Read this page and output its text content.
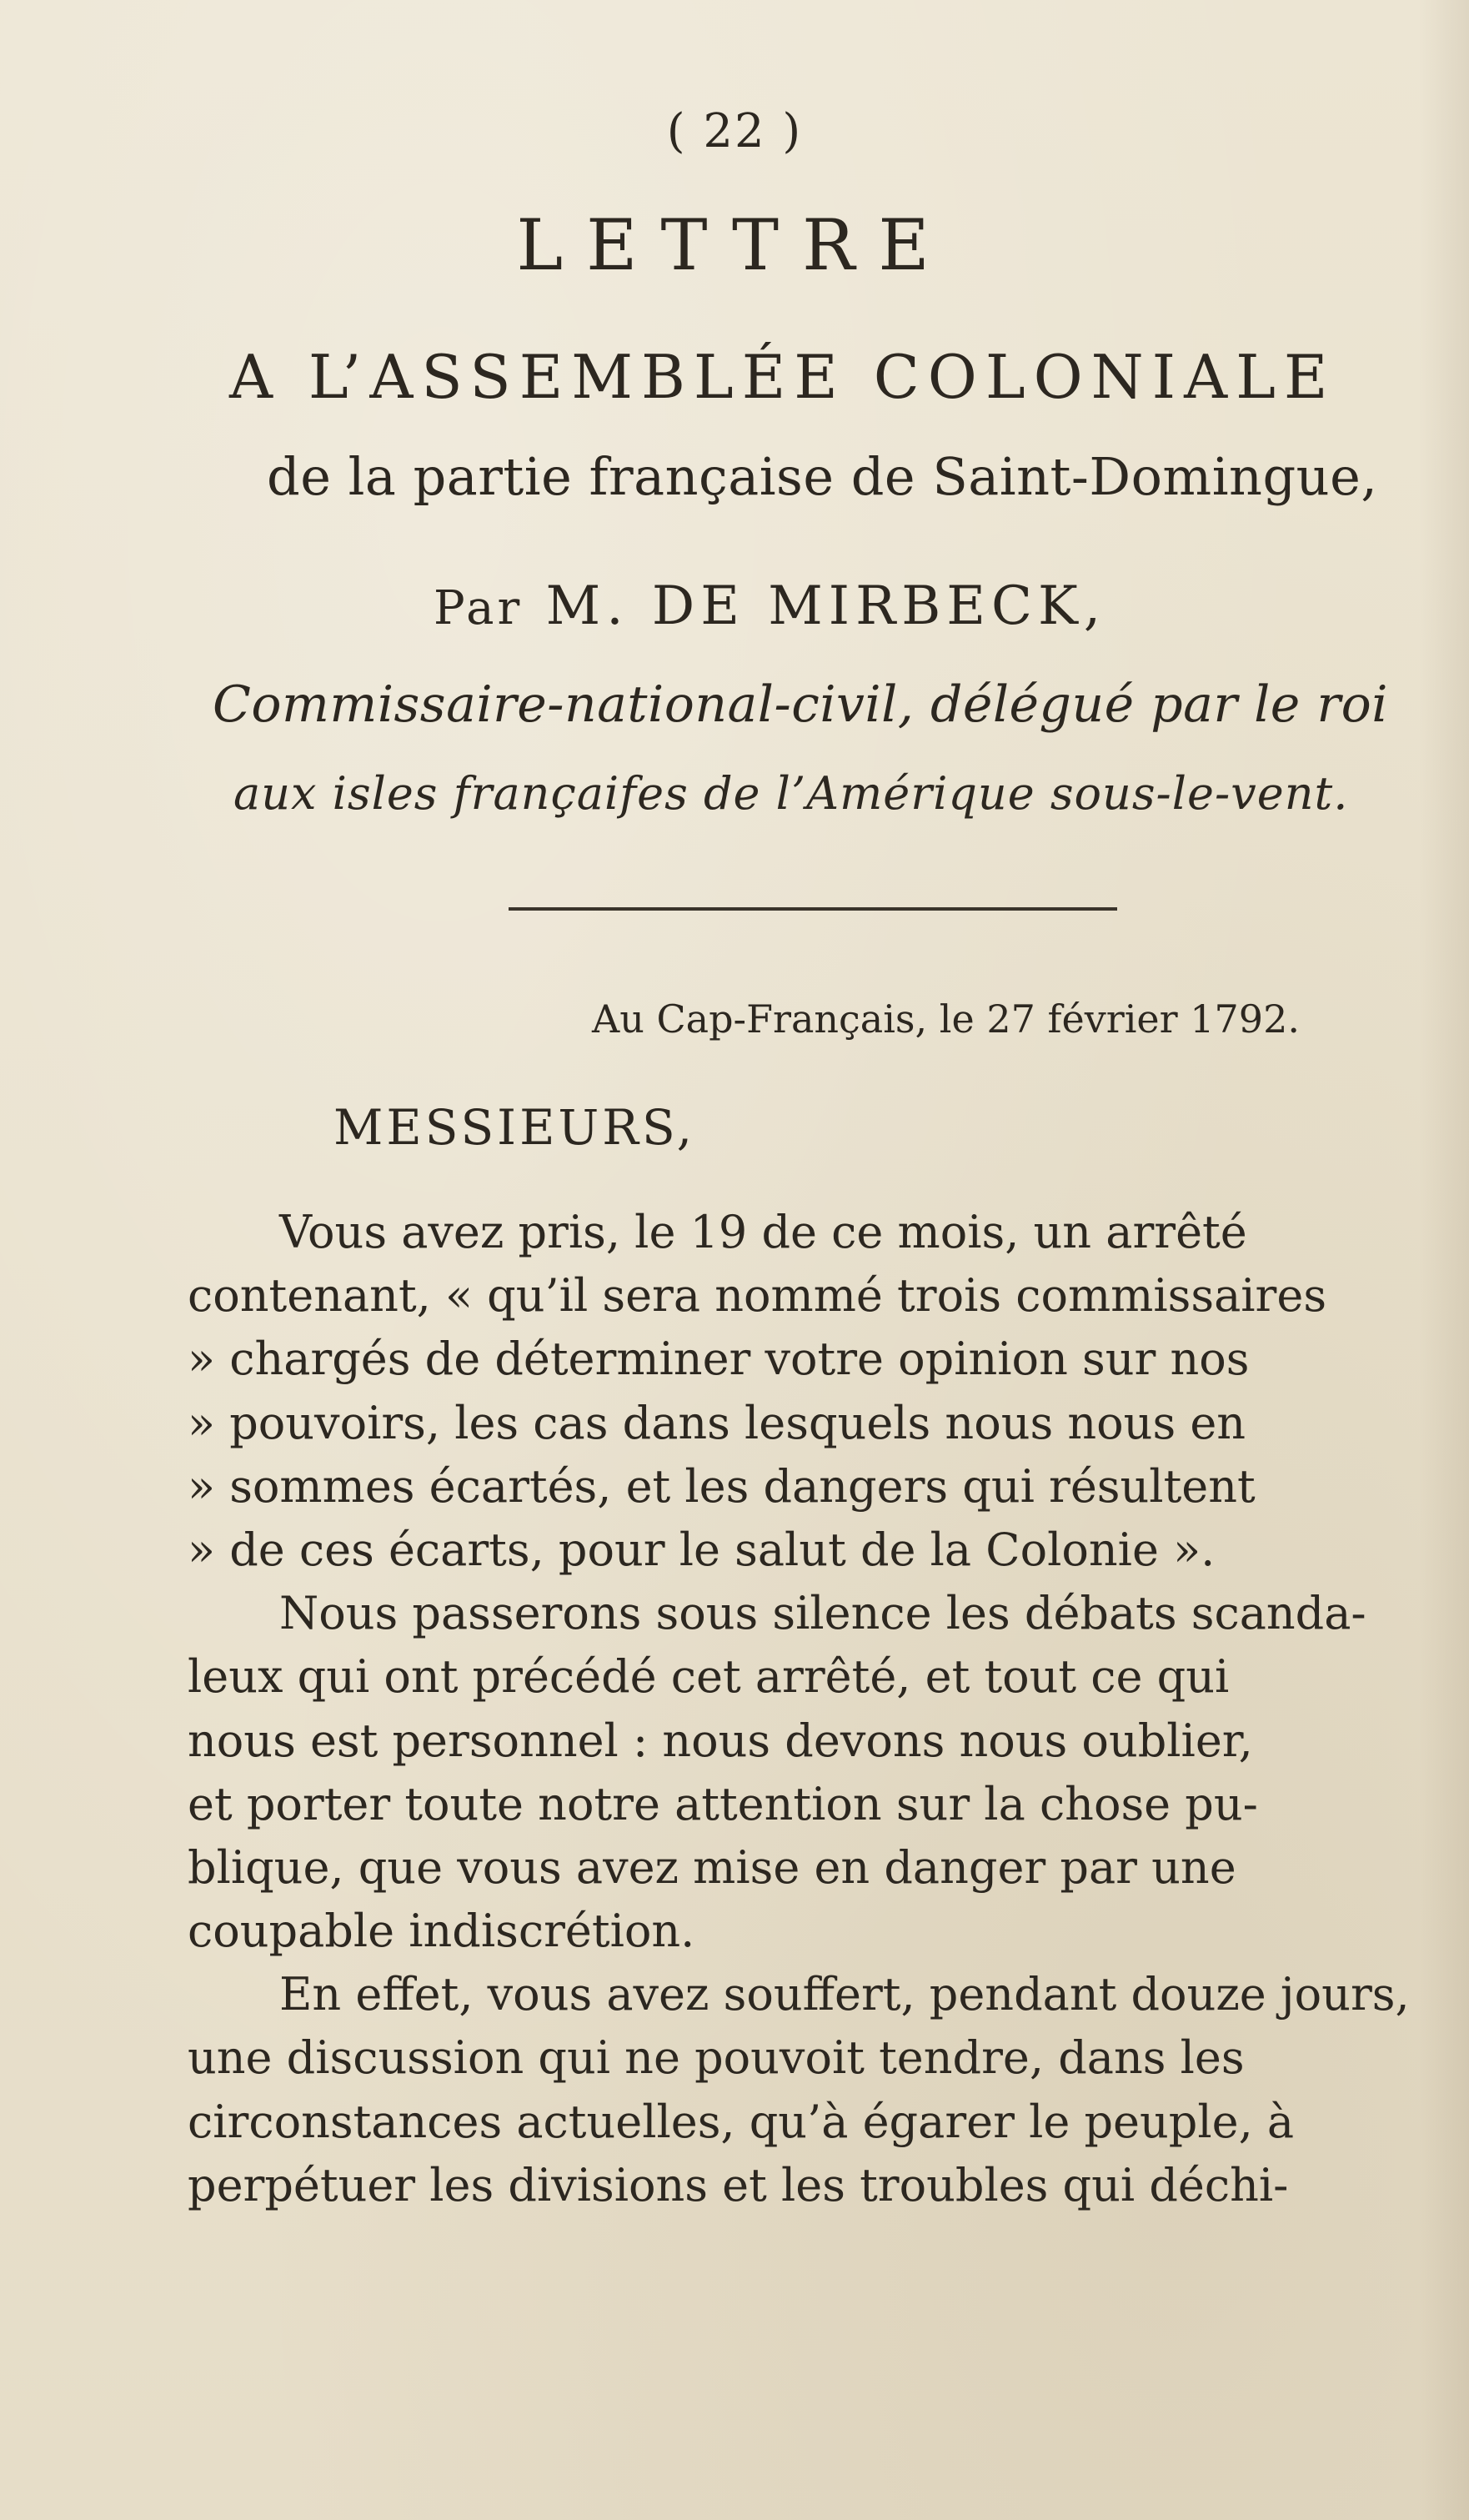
( 22 )
LETTRE
A L’ASSEMBLÉE COLONIALE
de la partie française de Saint-Domingue,
Par M. DE MIRBECK,
Commissaire-national-civil, délégué par le roi
aux isles françaifes de l’Amérique sous-le-vent.
Au Cap-Français, le 27 février 1792.
MESSIEURS,
Vous avez pris, le 19 de ce mois, un arrêté
contenant, « qu’il sera nommé trois commissaires
» chargés de déterminer votre opinion sur nos
» pouvoirs, les cas dans lesquels nous nous en
» sommes écartés, et les dangers qui résultent
» de ces écarts, pour le salut de la Colonie ».
Nous passerons sous silence les débats scanda-
leux qui ont précédé cet arrêté, et tout ce qui
nous est personnel : nous devons nous oublier,
et porter toute notre attention sur la chose pu-
blique, que vous avez mise en danger par une
coupable indiscrétion.
En effet, vous avez souffert, pendant douze jours,
une discussion qui ne pouvoit tendre, dans les
circonstances actuelles, qu’à égarer le peuple, à
perpétuer les divisions et les troubles qui déchi-
